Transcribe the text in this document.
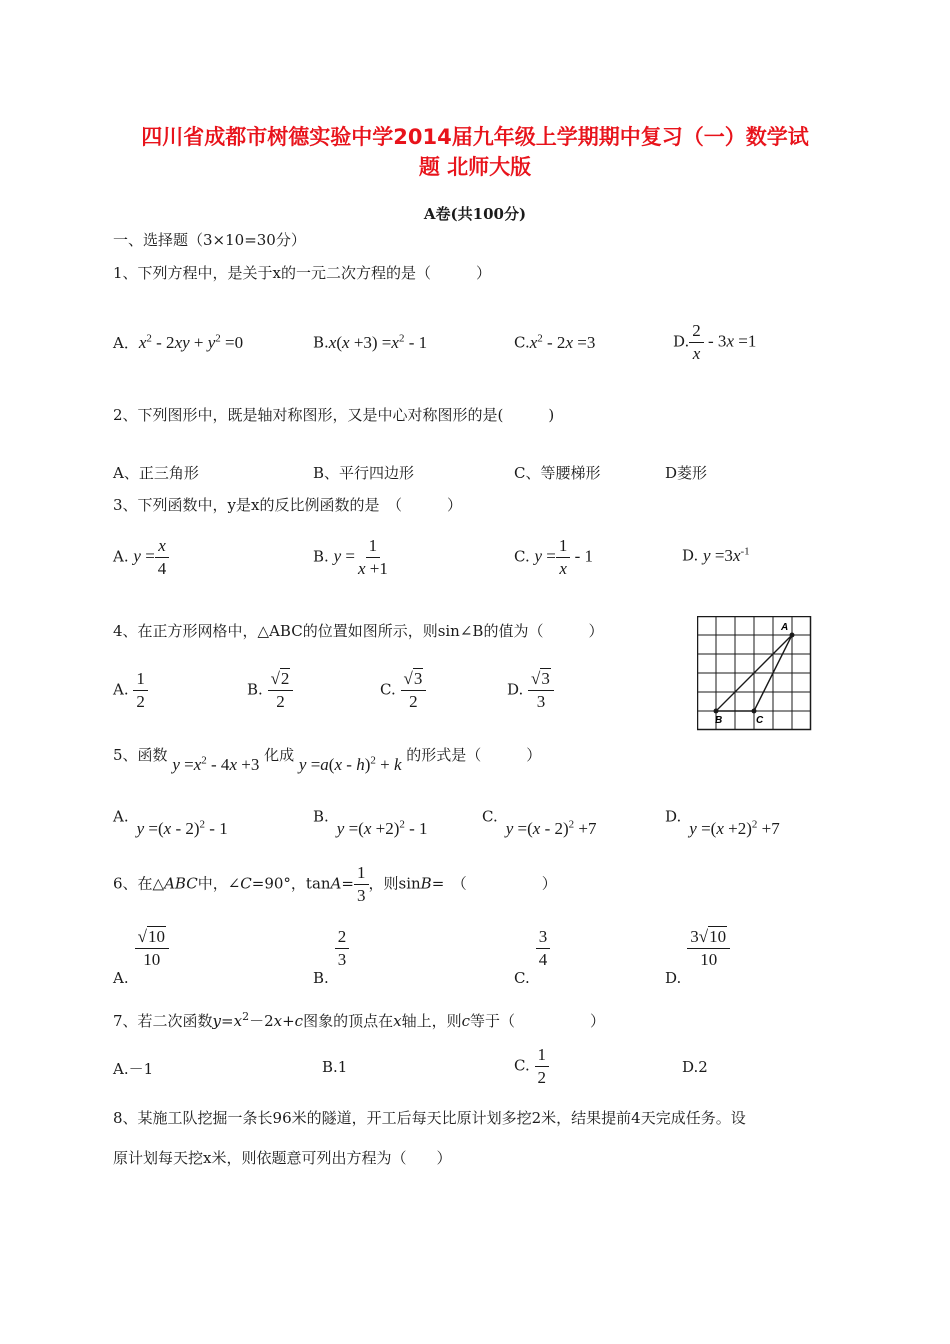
四川省成都市树德实验中学2014届九年级上学期期中复习（一）数学试
题 北师大版
A卷(共100分)
一、选择题（3×10=30分）
1、下列方程中，是关于x的一元二次方程的是（　　　）
A．$x^2 - 2xy + y^2 =0$	$B.x(x +3) =x^2 - 1$	$C.x^2 - 2x =3$	D. $\frac{2}{x} - 3x =1$
2、下列图形中，既是轴对称图形，又是中心对称图形的是(　　　)
A、正三角形	B、平行四边形	C、等腰梯形	D菱形
3、下列函数中，y是x的反比例函数的是　（　　　）
A. $y = \frac{x}{4}$	B. $y = \frac{1}{x +1}$	C. $y = \frac{1}{x} - 1$	D. $y =3x^{-1}$
4、在正方形网格中，△ABC的位置如图所示，则sin∠B的值为（　　　）
A. $\frac{1}{2}$	B. $\frac{√2}{2}$	C. $\frac{√3}{2}$	D. $\frac{√3}{3}$
A
B	C
5、函数 $y =x^2 - 4x +3$ 化成 y =a(x - h)$^2$ + k 的形式是（　　　）
A.y =(x - 2)$^2$ - 1
$B.y =(x +2)^2 - 1$
C.y =(x - 2)$^2$ +7
$D.y =(x +2)^2 +7$
6、在△ABC中，∠C=90°，$\tan A= \frac{1}{3}$ ，则sinB=　（　　　　　）
A.
$\frac{√10}{10}$
B.
$\frac{2}{3}$
C.
$\frac{3}{4}$
D.
$\frac{3√10}{10}$
7、若二次函数$y=x^2-2x+c$图象的顶点在x轴上，则c等于（　　　　　）
A.－1	B.1	C. $\frac{1}{2}$	D.2
8、某施工队挖掘一条长96米的隧道，开工后每天比原计划多挖2米，结果提前4天完成任务。设
原计划每天挖x米，则依题意可列出方程为（　　）
